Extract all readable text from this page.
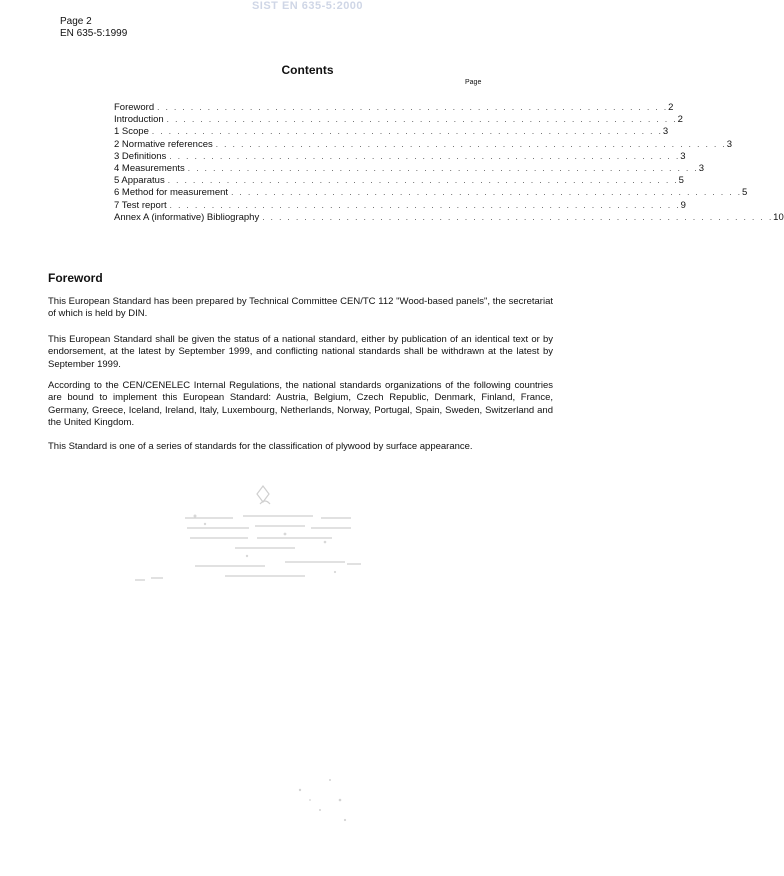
SIST EN 635-5:2000
Page 2
EN 635-5:1999
Contents
Page
Foreword . . . . . . . . . . . . . . . . . . . . . . . . . . . . . . . . . . . . . . . . . . . . . . . . . . . . . . . . . . . . . 2
Introduction . . . . . . . . . . . . . . . . . . . . . . . . . . . . . . . . . . . . . . . . . . . . . . . . . . . . . . . . . . . . . 2
1 Scope . . . . . . . . . . . . . . . . . . . . . . . . . . . . . . . . . . . . . . . . . . . . . . . . . . . . . . . . . . . . . 3
2 Normative references . . . . . . . . . . . . . . . . . . . . . . . . . . . . . . . . . . . . . . . . . . . . . . . . . . . . . . . . . . . . . 3
3 Definitions . . . . . . . . . . . . . . . . . . . . . . . . . . . . . . . . . . . . . . . . . . . . . . . . . . . . . . . . . . . . . 3
4 Measurements . . . . . . . . . . . . . . . . . . . . . . . . . . . . . . . . . . . . . . . . . . . . . . . . . . . . . . . . . . . . . 3
5 Apparatus . . . . . . . . . . . . . . . . . . . . . . . . . . . . . . . . . . . . . . . . . . . . . . . . . . . . . . . . . . . . . 5
6 Method for measurement . . . . . . . . . . . . . . . . . . . . . . . . . . . . . . . . . . . . . . . . . . . . . . . . . . . . . . . . . . . . . 5
7 Test report . . . . . . . . . . . . . . . . . . . . . . . . . . . . . . . . . . . . . . . . . . . . . . . . . . . . . . . . . . . . . 9
Annex A (informative) Bibliography . . . . . . . . . . . . . . . . . . . . . . . . . . . . . . . . . . . . . . . . . . . . . . . . . . . . . . . . . . . . . 10
Foreword

This European Standard has been prepared by Technical Committee CEN/TC 112 "Wood-based panels", the secretariat of which is held by DIN.

This European Standard shall be given the status of a national standard, either by publication of an identical text or by endorsement, at the latest by September 1999, and conflicting national standards shall be withdrawn at the latest by September 1999.

According to the CEN/CENELEC Internal Regulations, the national standards organizations of the following countries are bound to implement this European Standard: Austria, Belgium, Czech Republic, Denmark, Finland, France, Germany, Greece, Iceland, Ireland, Italy, Luxembourg, Netherlands, Norway, Portugal, Spain, Sweden, Switzerland and the United Kingdom.

This Standard is one of a series of standards for the classification of plywood by surface appearance.
